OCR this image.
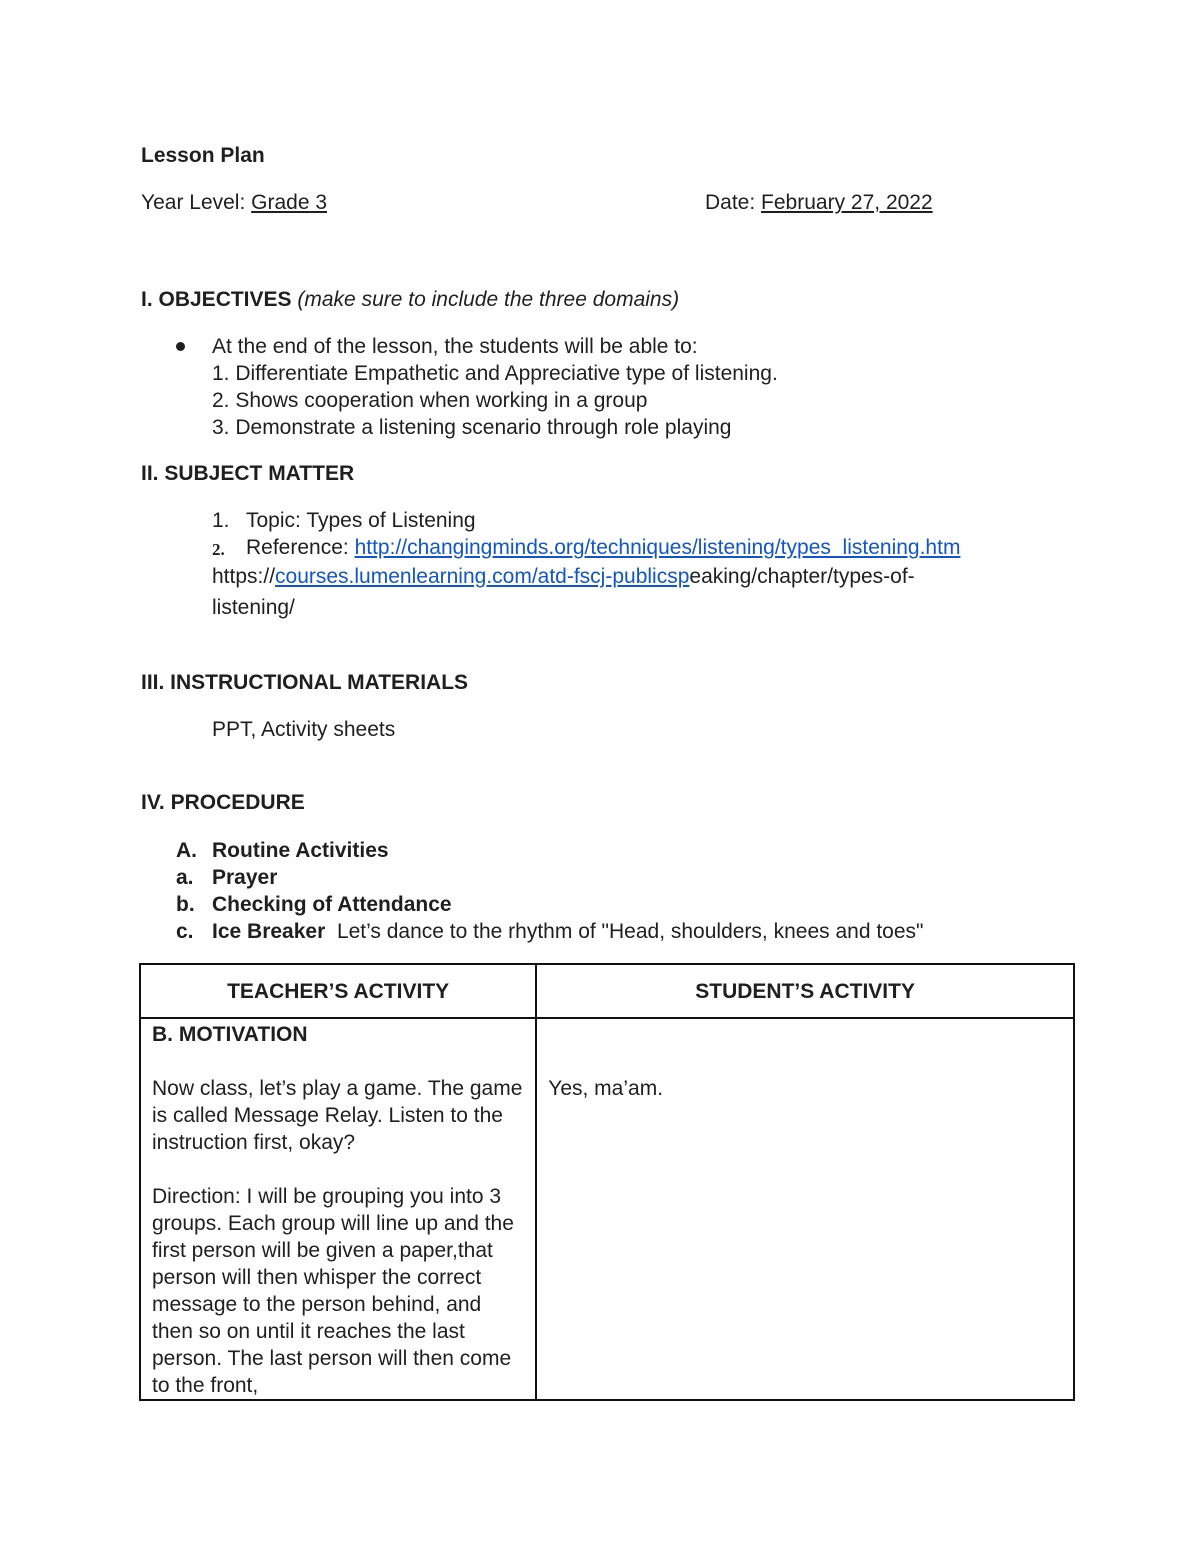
Lesson Plan
Year Level: Grade 3	Date: February 27, 2022
I. OBJECTIVES (make sure to include the three domains)
At the end of the lesson, the students will be able to:
1. Differentiate Empathetic and Appreciative type of listening.
2. Shows cooperation when working in a group
3. Demonstrate a listening scenario through role playing
II. SUBJECT MATTER
1. Topic: Types of Listening
2. Reference: http://changingminds.org/techniques/listening/types_listening.htm
https://courses.lumenlearning.com/atd-fscj-publicspeaking/chapter/types-of-
listening/
III. INSTRUCTIONAL MATERIALS
PPT, Activity sheets
IV. PROCEDURE
A. Routine Activities
a. Prayer
b. Checking of Attendance
c. Ice Breaker Let’s dance to the rhythm of "Head, shoulders, knees and toes"
TEACHER’S ACTIVITY	STUDENT’S ACTIVITY

B. MOTIVATION

Now class, let’s play a game. The game is called Message Relay. Listen to the instruction first, okay?

Direction: I will be grouping you into 3 groups. Each group will line up and the first person will be given a paper,that person will then whisper the correct message to the person behind, and then so on until it reaches the last person. The last person will then come to the front,	Yes, ma’am.
